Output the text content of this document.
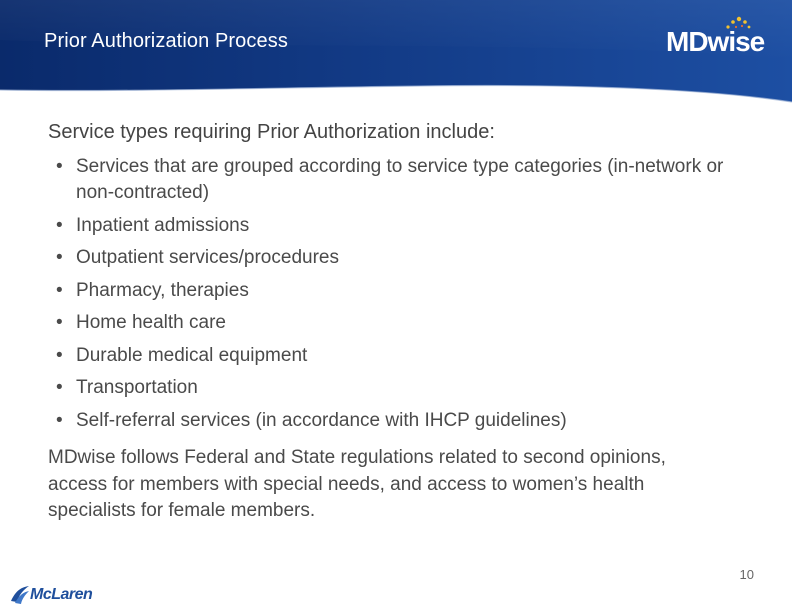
Prior Authorization Process	MDwise
Service types requiring Prior Authorization include:
• Services that are grouped according to service type categories (in-network or non-contracted)
• Inpatient admissions
• Outpatient services/procedures
• Pharmacy, therapies
• Home health care
• Durable medical equipment
• Transportation
• Self-referral services (in accordance with IHCP guidelines)
MDwise follows Federal and State regulations related to second opinions, access for members with special needs, and access to women’s health specialists for female members.
10
McLaren
